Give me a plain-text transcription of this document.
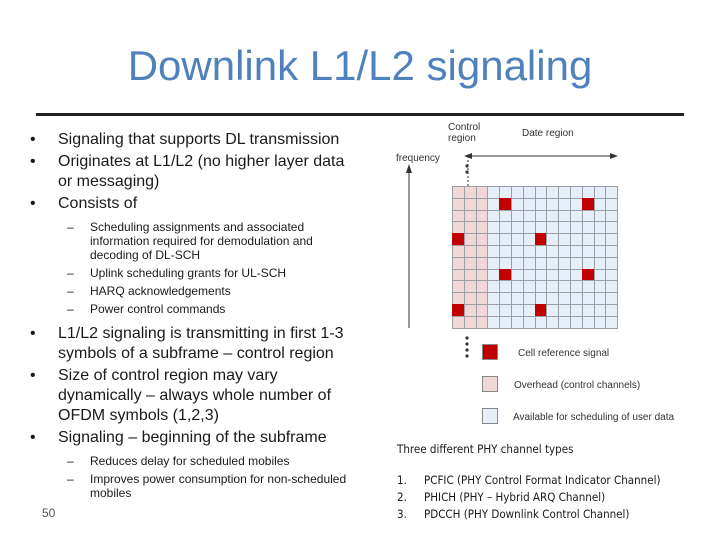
Downlink L1/L2 signaling
• Signaling that supports DL transmission
• Originates at L1/L2 (no higher layer data or messaging)
• Consists of
– Scheduling assignments and associated information required for demodulation and decoding of DL-SCH
– Uplink scheduling grants for UL-SCH
– HARQ acknowledgements
– Power control commands
• L1/L2 signaling is transmitting in first 1-3 symbols of a subframe – control region
• Size of control region may vary dynamically – always whole number of OFDM symbols (1,2,3)
• Signaling – beginning of the subframe
– Reduces delay for scheduled mobiles
– Improves power consumption for non-scheduled mobiles
50
Control region	Date region
frequency
Cell reference signal
Overhead (control channels)
Available for scheduling of user data
Three different PHY channel types
1. PCFIC (PHY Control Format Indicator Channel)
2. PHICH (PHY – Hybrid ARQ Channel)
3. PDCCH (PHY Downlink Control Channel)
